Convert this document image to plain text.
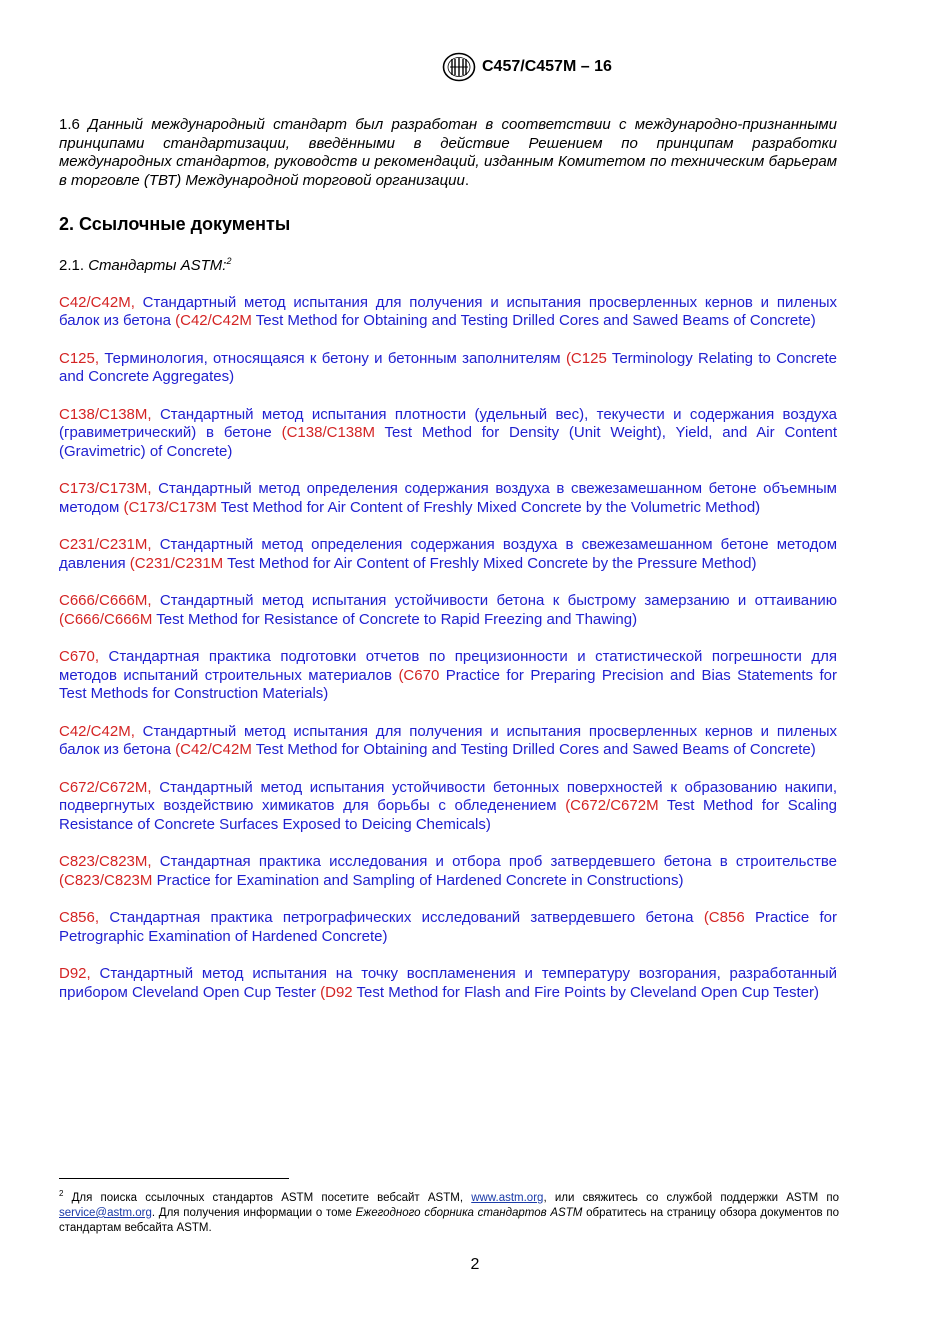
C457/C457M – 16

1.6 Данный международный стандарт был разработан в соответствии с международно-признанными принципами стандартизации, введёнными в действие Решением по принципам разработки международных стандартов, руководств и рекомендаций, изданным Комитетом по техническим барьерам в торговле (ТВТ) Международной торговой организации.

2. Ссылочные документы

2.1. Стандарты ASTM:$^2$

C42/C42M, Стандартный метод испытания для получения и испытания просверленных кернов и пиленых балок из бетона (C42/C42M Test Method for Obtaining and Testing Drilled Cores and Sawed Beams of Concrete)

C125, Терминология, относящаяся к бетону и бетонным заполнителям (C125 Terminology Relating to Concrete and Concrete Aggregates)

C138/C138M, Стандартный метод испытания плотности (удельный вес), текучести и содержания воздуха (гравиметрический) в бетоне (C138/C138M Test Method for Density (Unit Weight), Yield, and Air Content (Gravimetric) of Concrete)

C173/C173M, Стандартный метод определения содержания воздуха в свежезамешанном бетоне объемным методом (C173/C173M Test Method for Air Content of Freshly Mixed Concrete by the Volumetric Method)

C231/C231M, Стандартный метод определения содержания воздуха в свежезамешанном бетоне методом давления (C231/C231M Test Method for Air Content of Freshly Mixed Concrete by the Pressure Method)

C666/C666M, Стандартный метод испытания устойчивости бетона к быстрому замерзанию и оттаиванию (C666/C666M Test Method for Resistance of Concrete to Rapid Freezing and Thawing)

C670, Стандартная практика подготовки отчетов по прецизионности и статистической погрешности для методов испытаний строительных материалов (C670 Practice for Preparing Precision and Bias Statements for Test Methods for Construction Materials)

C42/C42M, Стандартный метод испытания для получения и испытания просверленных кернов и пиленых балок из бетона (C42/C42M Test Method for Obtaining and Testing Drilled Cores and Sawed Beams of Concrete)

C672/C672M, Стандартный метод испытания устойчивости бетонных поверхностей к образованию накипи, подвергнутых воздействию химикатов для борьбы с обледенением (C672/C672M Test Method for Scaling Resistance of Concrete Surfaces Exposed to Deicing Chemicals)

C823/C823M, Стандартная практика исследования и отбора проб затвердевшего бетона в строительстве (C823/C823M Practice for Examination and Sampling of Hardened Concrete in Constructions)

C856, Стандартная практика петрографических исследований затвердевшего бетона (C856 Practice for Petrographic Examination of Hardened Concrete)

D92, Стандартный метод испытания на точку воспламенения и температуру возгорания, разработанный прибором Cleveland Open Cup Tester (D92 Test Method for Flash and Fire Points by Cleveland Open Cup Tester)

$^2$ Для поиска ссылочных стандартов ASTM посетите вебсайт ASTM, www.astm.org, или свяжитесь со службой поддержки ASTM по service@astm.org. Для получения информации о томе Ежегодного сборника стандартов ASTM обратитесь на страницу обзора документов по стандартам вебсайта ASTM.
2
